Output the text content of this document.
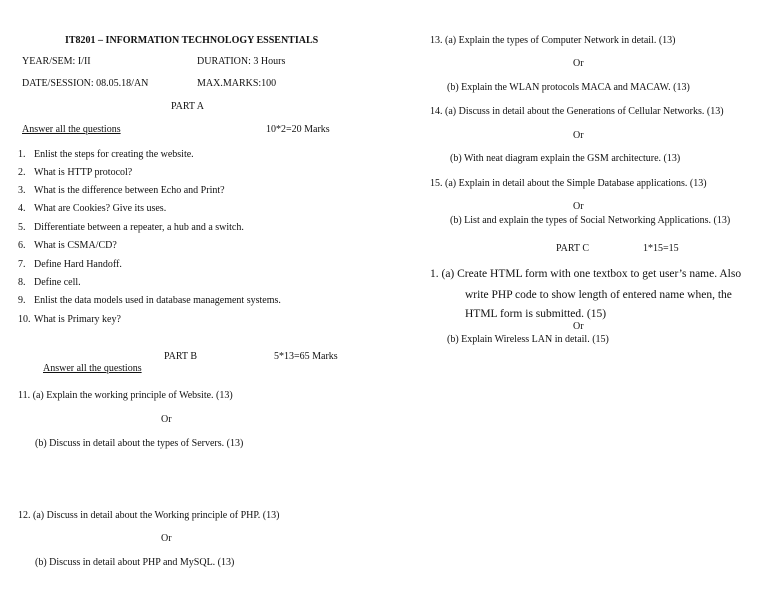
IT8201 – INFORMATION TECHNOLOGY ESSENTIALS
YEAR/SEM: I/II	DURATION: 3 Hours
DATE/SESSION: 08.05.18/AN	MAX.MARKS:100
PART A
Answer all the questions	10*2=20 Marks
1. Enlist the steps for creating the website.
2. What is HTTP protocol?
3. What is the difference between Echo and Print?
4. What are Cookies? Give its uses.
5. Differentiate between a repeater, a hub and a switch.
6. What is CSMA/CD?
7. Define Hard Handoff.
8. Define cell.
9. Enlist the data models used in database management systems.
10. What is Primary key?
PART B	5*13=65 Marks
Answer all the questions
11. (a) Explain the working principle of Website. (13)
Or
(b) Discuss in detail about the types of Servers. (13)
12. (a) Discuss in detail about the Working principle of PHP. (13)
Or
(b) Discuss in detail about PHP and MySQL. (13)
13. (a) Explain the types of Computer Network in detail. (13)
Or
(b) Explain the WLAN protocols MACA and MACAW. (13)
14. (a) Discuss in detail about the Generations of Cellular Networks. (13)
Or
(b) With neat diagram explain the GSM architecture. (13)
15. (a) Explain in detail about the Simple Database applications. (13)
Or
(b) List and explain the types of Social Networking Applications. (13)
PART C	1*15=15
1. (a) Create HTML form with one textbox to get user’s name. Also
write PHP code to show length of entered name when, the
HTML form is submitted. (15)
Or
(b) Explain Wireless LAN in detail. (15)
